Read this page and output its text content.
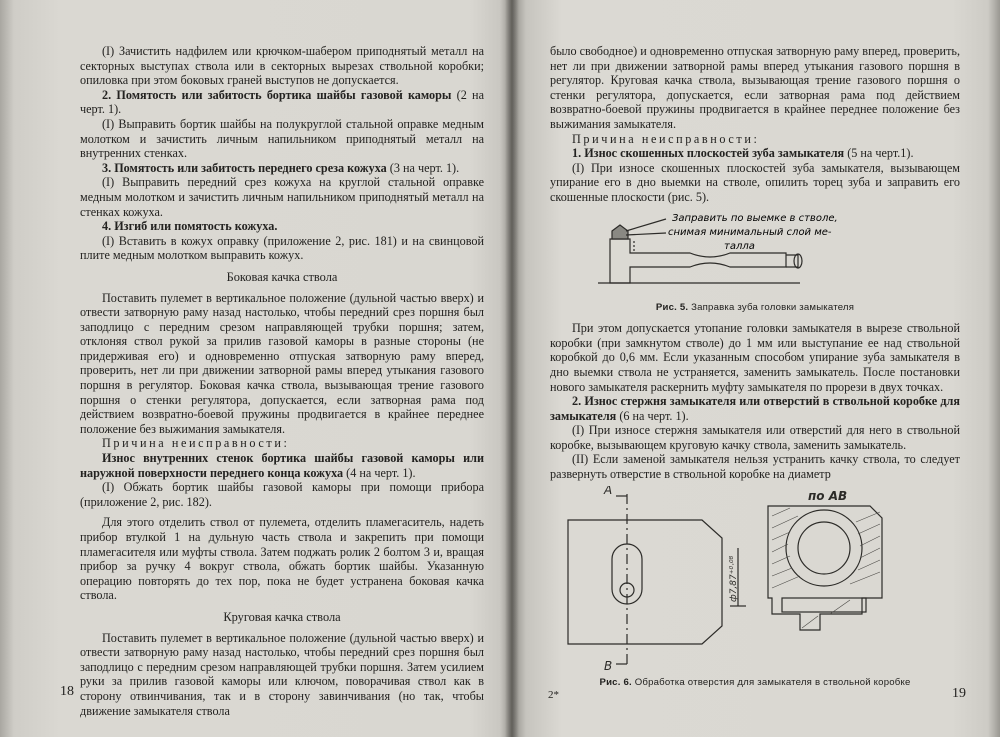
(I) Зачистить надфилем или крючком-шабером приподнятый металл на секторных выступах ствола или в секторных вырезах ствольной коробки; опиловка при этом боковых граней выступов не допускается.

2. Помятость или забитость бортика шайбы газовой каморы (2 на черт. 1).

(I) Выправить бортик шайбы на полукруглой стальной оправке медным молотком и зачистить личным напильником приподнятый металл на внутренних стенках.

3. Помятость или забитость переднего среза кожуха (3 на черт. 1).

(I) Выправить передний срез кожуха на круглой стальной оправке медным молотком и зачистить личным напильником приподнятый металл на стенках кожуха.

4. Изгиб или помятость кожуха.

(I) Вставить в кожух оправку (приложение 2, рис. 181) и на свинцовой плите медным молотком выправить кожух.

Боковая качка ствола

Поставить пулемет в вертикальное положение (дульной частью вверх) и отвести затворную раму назад настолько, чтобы передний срез поршня был заподлицо с передним срезом направляющей трубки поршня; затем, отклоняя ствол рукой за прилив газовой каморы в разные стороны (не придерживая его) и одновременно отпуская затворную раму вперед, проверить, нет ли при движении затворной рамы вперед утыкания газового поршня в регулятор. Боковая качка ствола, вызывающая трение газового поршня о стенки регулятора, допускается, если затворная рама под действием возвратно-боевой пружины продвигается в крайнее переднее положение без выжимания замыкателя.

Причина неисправности:

Износ внутренних стенок бортика шайбы газовой каморы или наружной поверхности переднего конца кожуха (4 на черт. 1).

(I) Обжать бортик шайбы газовой каморы при помощи прибора (приложение 2, рис. 182).

Для этого отделить ствол от пулемета, отделить пламегаситель, надеть прибор втулкой 1 на дульную часть ствола и закрепить при помощи пламегасителя или муфты ствола. Затем поджать ролик 2 болтом 3 и, вращая прибор за ручку 4 вокруг ствола, обжать бортик шайбы. Указанную операцию повторять до тех пор, пока не будет устранена боковая качка ствола.

Круговая качка ствола

Поставить пулемет в вертикальное положение (дульной частью вверх) и отвести затворную раму назад настолько, чтобы передний срез поршня был заподлицо с передним срезом направляющей трубки поршня. Затем усилием руки за прилив газовой каморы или ключом, поворачивая ствол как в сторону отвинчивания, так и в сторону завинчивания (но так, чтобы движение замыкателя ствола

18

было свободное) и одновременно отпуская затворную раму вперед, проверить, нет ли при движении затворной рамы вперед утыкания газового поршня в регулятор. Круговая качка ствола, вызывающая трение газового поршня о стенки регулятора, допускается, если затворная рама под действием возвратно-боевой пружины продвигается в крайнее переднее положение без выжимания замыкателя.

Причина неисправности:

1. Износ скошенных плоскостей зуба замыкателя (5 на черт.1).

(I) При износе скошенных плоскостей зуба замыкателя, вызывающем упирание его в дно выемки на стволе, опилить торец зуба и заправить его скошенные плоскости (рис. 5).

Заправить по выемке в стволе,
снимая минимальный слой ме-
талла
Рис. 5. Заправка зуба головки замыкателя

При этом допускается утопание головки замыкателя в вырезе ствольной коробки (при замкнутом стволе) до 1 мм или выступание ее над ствольной коробкой до 0,6 мм. Если указанным способом упирание зуба замыкателя в дно выемки ствола не устраняется, заменить замыкатель. После постановки нового замыкателя раскернить муфту замыкателя по прорези в двух точках.

2. Износ стержня замыкателя или отверстий в ствольной коробке для замыкателя (6 на черт. 1).

(I) При износе стержня замыкателя или отверстий для него в ствольной коробке, вызывающем круговую качку ствола, заменить замыкатель.

(II) Если заменой замыкателя нельзя устранить качку ствола, то следует развернуть отверстие в ствольной коробке на диаметр

А
В
по AB
ф7,87⁺⁰·⁰⁸
Рис. 6. Обработка отверстия для замыкателя в ствольной коробке
2*	19
